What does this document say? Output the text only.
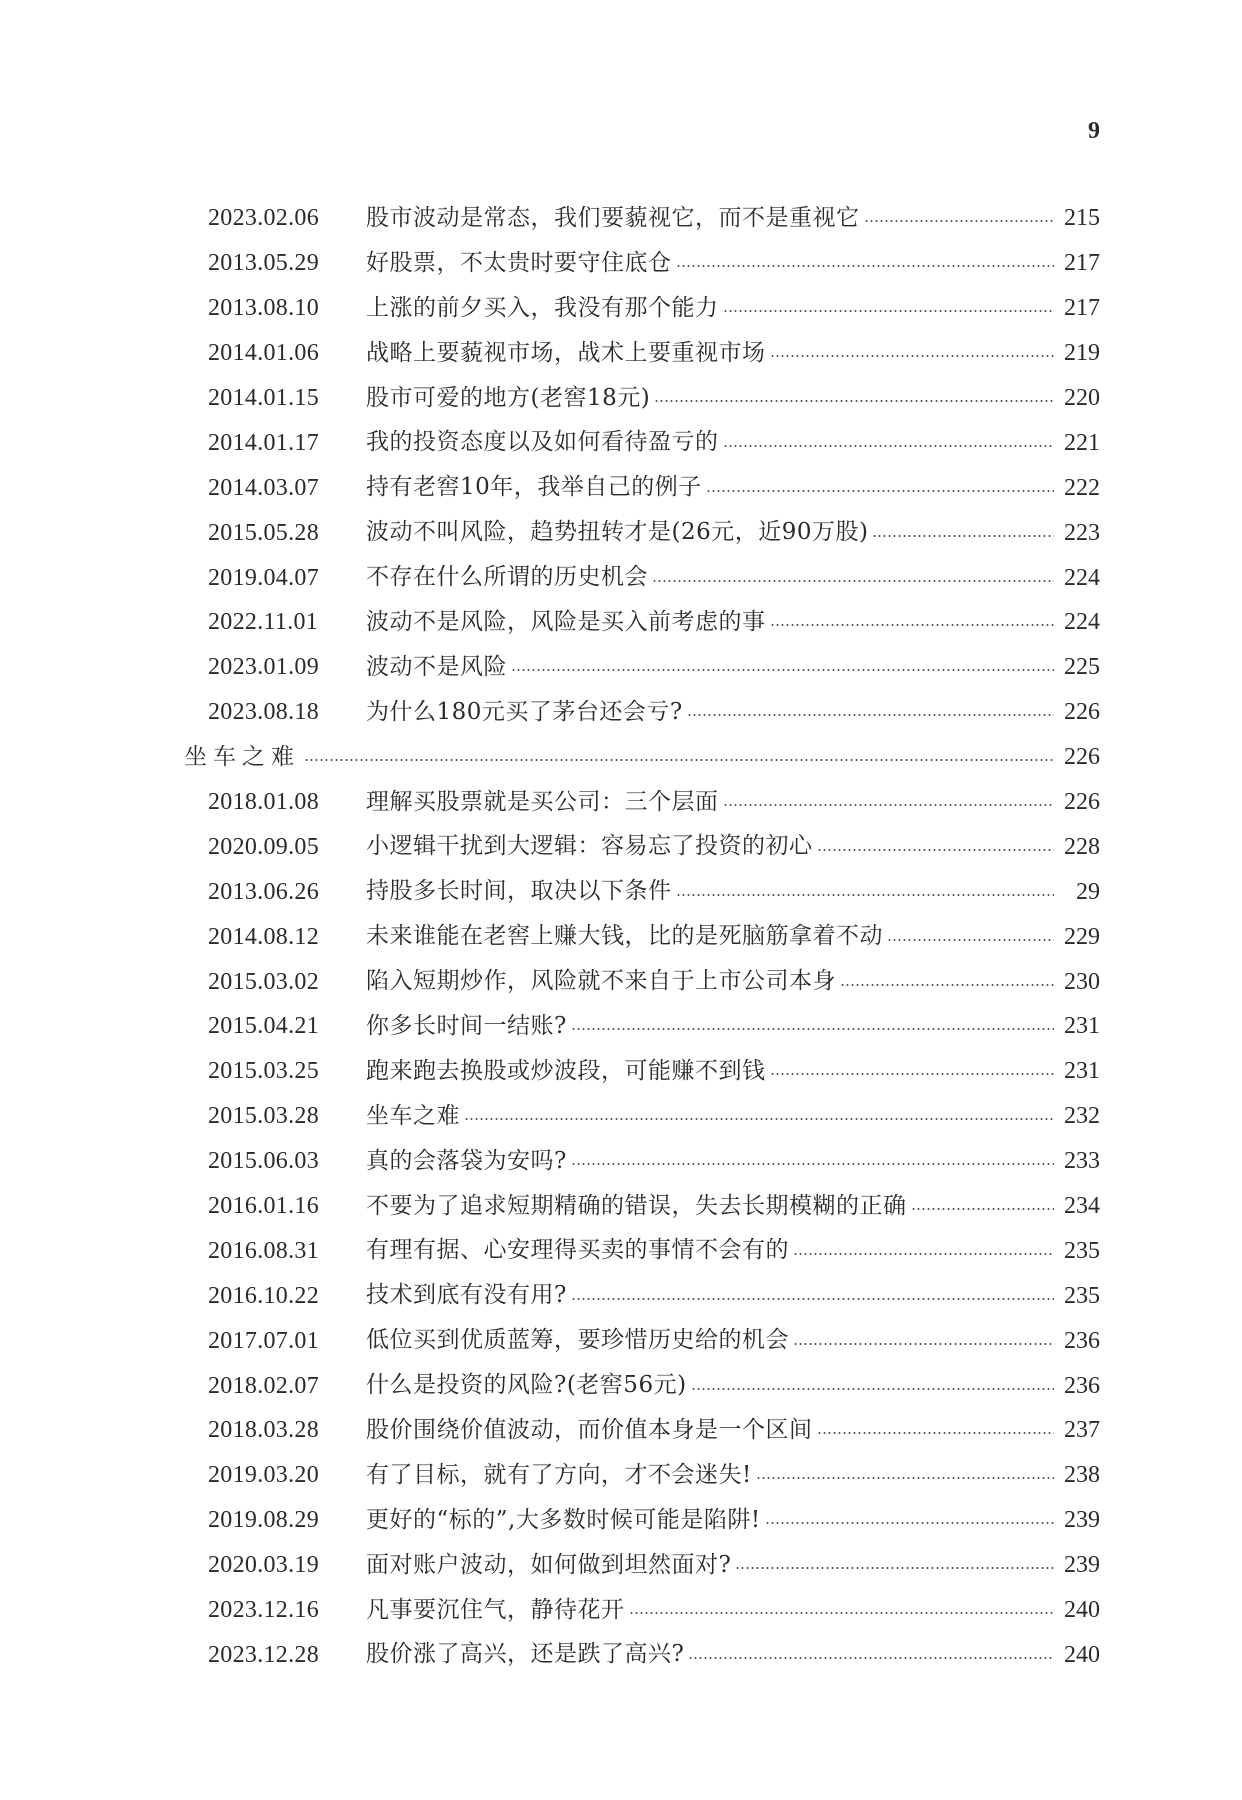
9
2023.02.06	股市波动是常态，我们要藐视它，而不是重视它	215
2013.05.29	好股票，不太贵时要守住底仓	217
2013.08.10	上涨的前夕买入，我没有那个能力	217
2014.01.06	战略上要藐视市场，战术上要重视市场	219
2014.01.15	股市可爱的地方(老窖18元)	220
2014.01.17	我的投资态度以及如何看待盈亏的	221
2014.03.07	持有老窖10年，我举自己的例子	222
2015.05.28	波动不叫风险，趋势扭转才是(26元，近90万股)	223
2019.04.07	不存在什么所谓的历史机会	224
2022.11.01	波动不是风险，风险是买入前考虑的事	224
2023.01.09	波动不是风险	225
2023.08.18	为什么180元买了茅台还会亏?	226
坐车之难	226
2018.01.08	理解买股票就是买公司：三个层面	226
2020.09.05	小逻辑干扰到大逻辑：容易忘了投资的初心	228
2013.06.26	持股多长时间，取决以下条件	29
2014.08.12	未来谁能在老窖上赚大钱，比的是死脑筋拿着不动	229
2015.03.02	陷入短期炒作，风险就不来自于上市公司本身	230
2015.04.21	你多长时间一结账?	231
2015.03.25	跑来跑去换股或炒波段，可能赚不到钱	231
2015.03.28	坐车之难	232
2015.06.03	真的会落袋为安吗?	233
2016.01.16	不要为了追求短期精确的错误，失去长期模糊的正确	234
2016.08.31	有理有据、心安理得买卖的事情不会有的	235
2016.10.22	技术到底有没有用?	235
2017.07.01	低位买到优质蓝筹，要珍惜历史给的机会	236
2018.02.07	什么是投资的风险?(老窖56元)	236
2018.03.28	股价围绕价值波动，而价值本身是一个区间	237
2019.03.20	有了目标，就有了方向，才不会迷失!	238
2019.08.29	更好的“标的”,大多数时候可能是陷阱!	239
2020.03.19	面对账户波动，如何做到坦然面对?	239
2023.12.16	凡事要沉住气，静待花开	240
2023.12.28	股价涨了高兴，还是跌了高兴?	240
